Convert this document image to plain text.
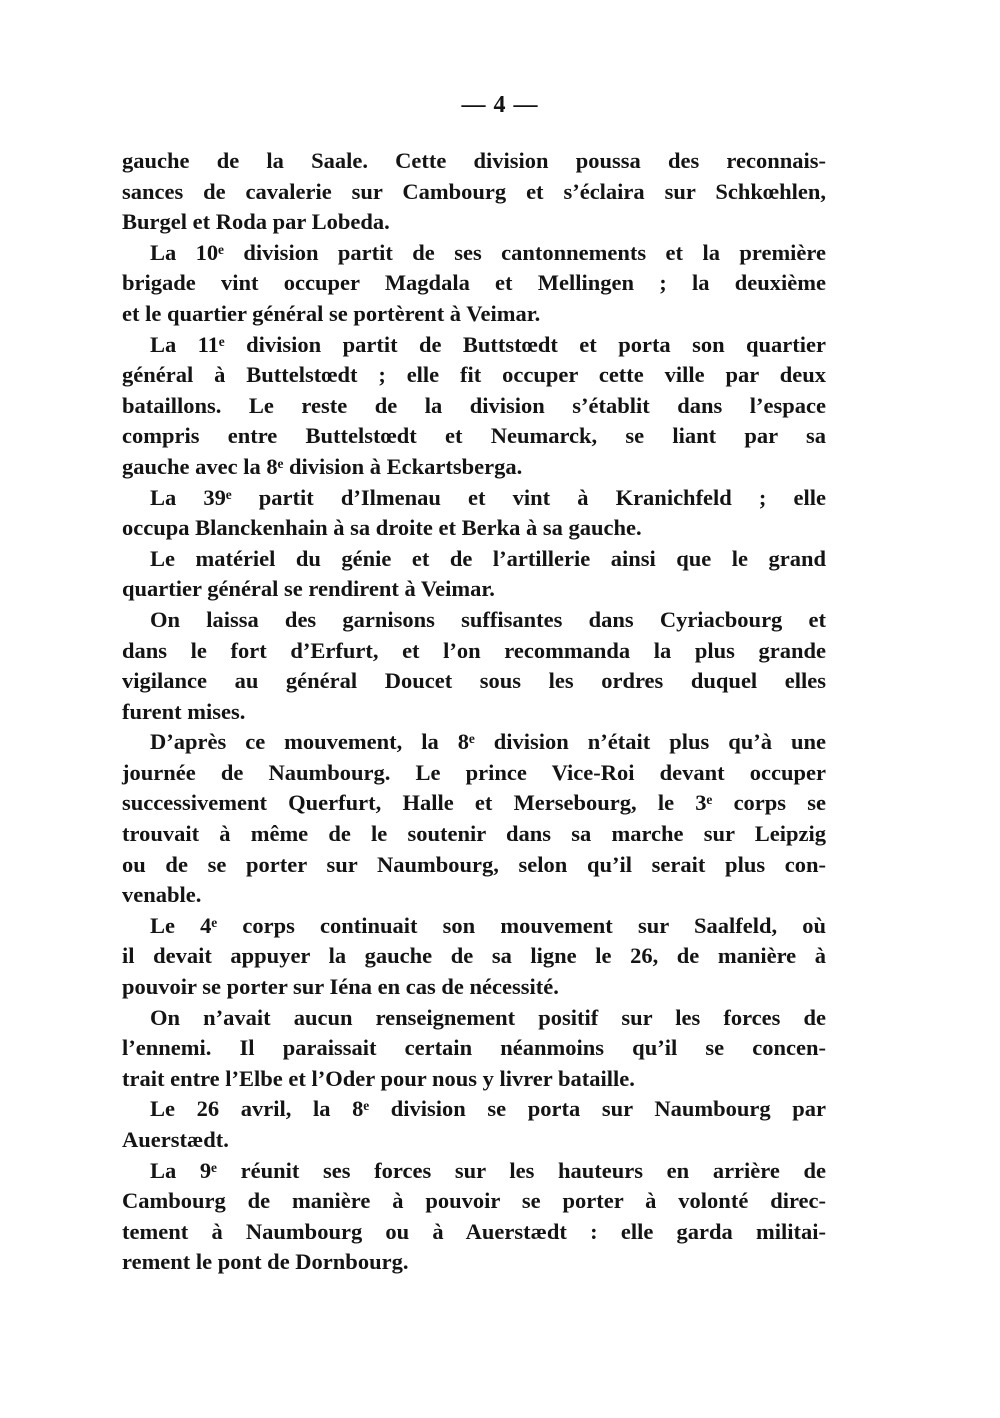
— 4 —
gauche de la Saale. Cette division poussa des reconnais-
sances de cavalerie sur Cambourg et s’éclaira sur Schkœhlen,
Burgel et Roda par Lobeda.
La 10ᵉ division partit de ses cantonnements et la première
brigade vint occuper Magdala et Mellingen ; la deuxième
et le quartier général se portèrent à Veimar.
La 11ᵉ division partit de Buttstœdt et porta son quartier
général à Buttelstœdt ; elle fit occuper cette ville par deux
bataillons. Le reste de la division s’établit dans l’espace
compris entre Buttelstœdt et Neumarck, se liant par sa
gauche avec la 8ᵉ division à Eckartsberga.
La 39ᵉ partit d’Ilmenau et vint à Kranichfeld ; elle
occupa Blanckenhain à sa droite et Berka à sa gauche.
Le matériel du génie et de l’artillerie ainsi que le grand
quartier général se rendirent à Veimar.
On laissa des garnisons suffisantes dans Cyriacbourg et
dans le fort d’Erfurt, et l’on recommanda la plus grande
vigilance au général Doucet sous les ordres duquel elles
furent mises.
D’après ce mouvement, la 8ᵉ division n’était plus qu’à une
journée de Naumbourg. Le prince Vice-Roi devant occuper
successivement Querfurt, Halle et Mersebourg, le 3ᵉ corps se
trouvait à même de le soutenir dans sa marche sur Leipzig
ou de se porter sur Naumbourg, selon qu’il serait plus con-
venable.
Le 4ᵉ corps continuait son mouvement sur Saalfeld, où
il devait appuyer la gauche de sa ligne le 26, de manière à
pouvoir se porter sur Iéna en cas de nécessité.
On n’avait aucun renseignement positif sur les forces de
l’ennemi. Il paraissait certain néanmoins qu’il se concen-
trait entre l’Elbe et l’Oder pour nous y livrer bataille.
Le 26 avril, la 8ᵉ division se porta sur Naumbourg par
Auerstædt.
La 9ᵉ réunit ses forces sur les hauteurs en arrière de
Cambourg de manière à pouvoir se porter à volonté direc-
tement à Naumbourg ou à Auerstædt : elle garda militai-
rement le pont de Dornbourg.
